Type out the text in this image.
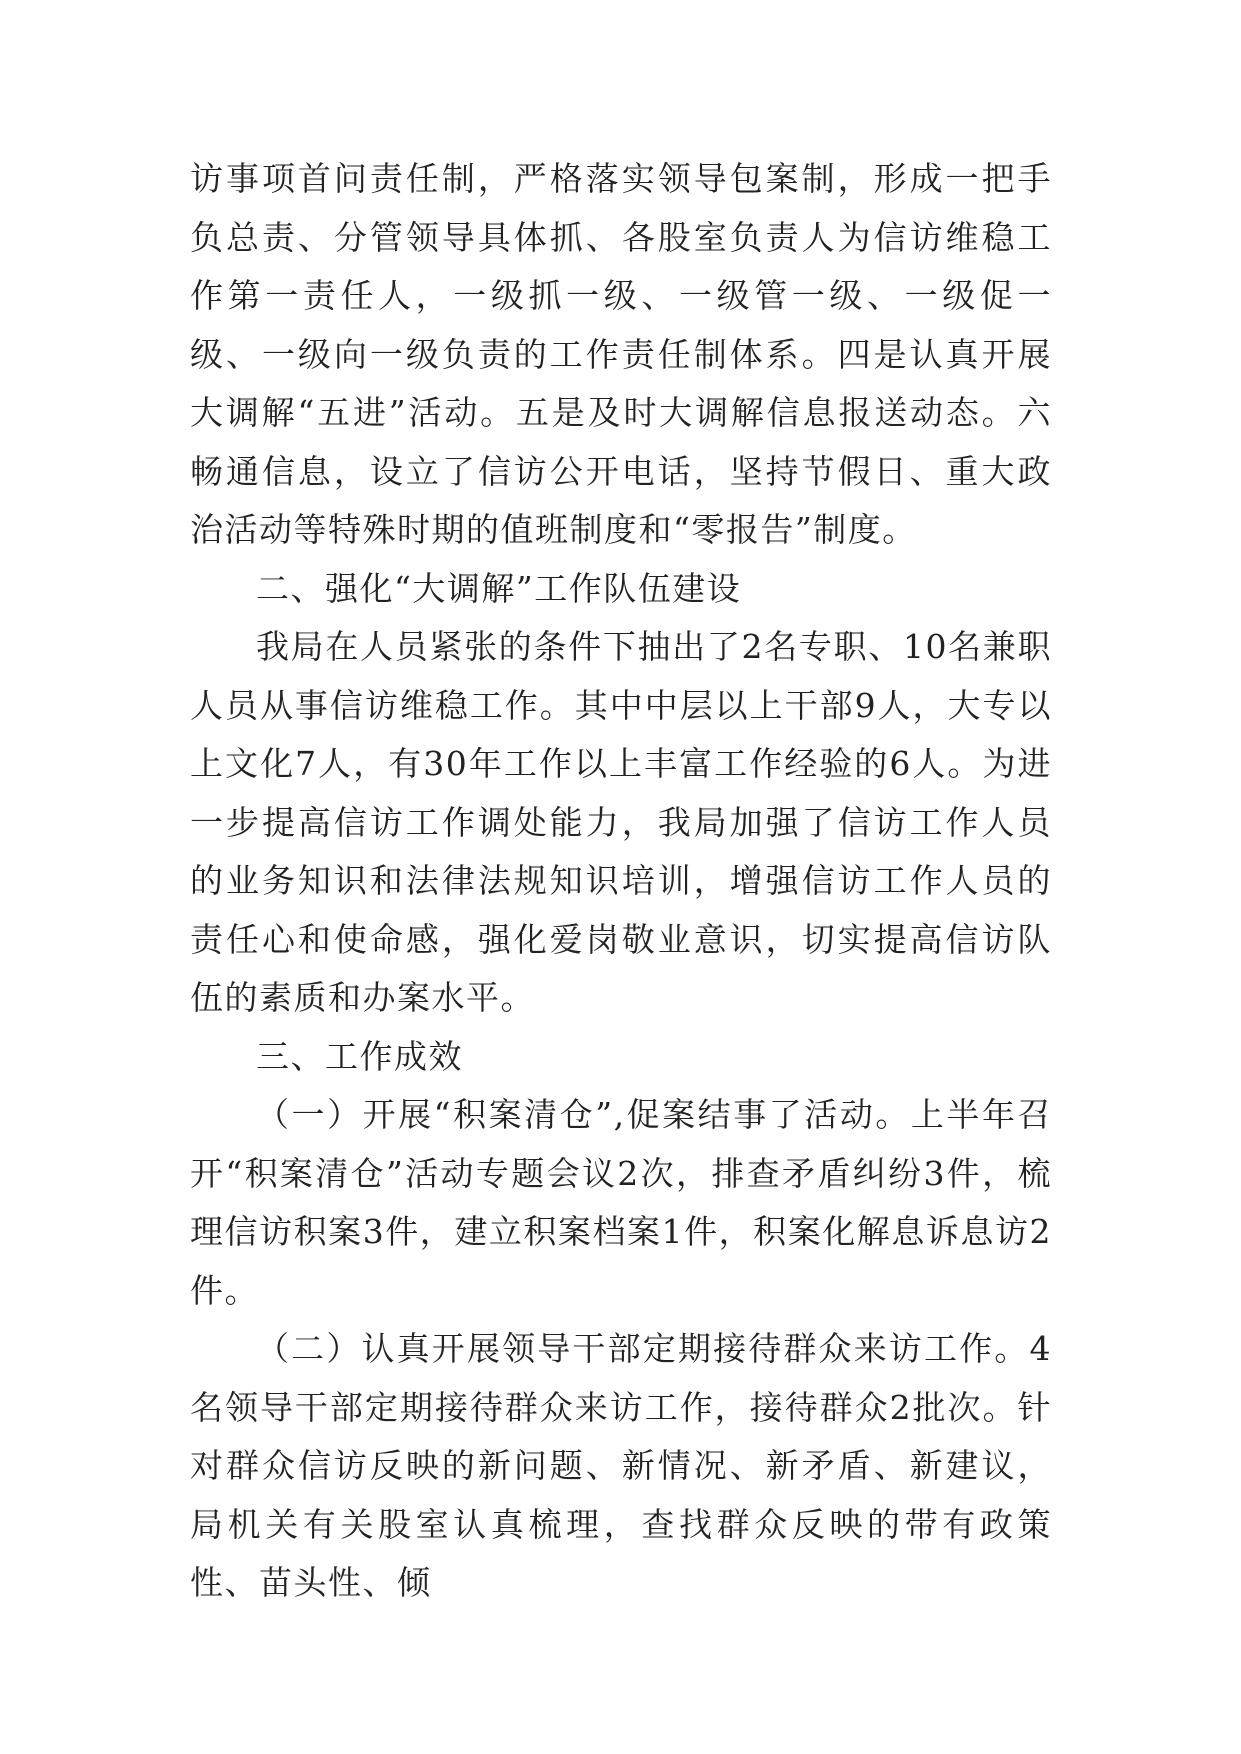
访事项首问责任制，严格落实领导包案制，形成一把手负总责、分管领导具体抓、各股室负责人为信访维稳工作第一责任人，一级抓一级、一级管一级、一级促一级、一级向一级负责的工作责任制体系。四是认真开展大调解“五进”活动。五是及时大调解信息报送动态。六畅通信息，设立了信访公开电话，坚持节假日、重大政治活动等特殊时期的值班制度和“零报告”制度。

二、强化“大调解”工作队伍建设

我局在人员紧张的条件下抽出了2名专职、10名兼职人员从事信访维稳工作。其中中层以上干部9人，大专以上文化7人，有30年工作以上丰富工作经验的6人。为进一步提高信访工作调处能力，我局加强了信访工作人员的业务知识和法律法规知识培训，增强信访工作人员的责任心和使命感，强化爱岗敬业意识，切实提高信访队伍的素质和办案水平。

三、工作成效

（一）开展“积案清仓”,促案结事了活动。上半年召开“积案清仓”活动专题会议2次，排查矛盾纠纷3件，梳理信访积案3件，建立积案档案1件，积案化解息诉息访2件。

（二）认真开展领导干部定期接待群众来访工作。4名领导干部定期接待群众来访工作，接待群众2批次。针对群众信访反映的新问题、新情况、新矛盾、新建议，局机关有关股室认真梳理，查找群众反映的带有政策性、苗头性、倾
